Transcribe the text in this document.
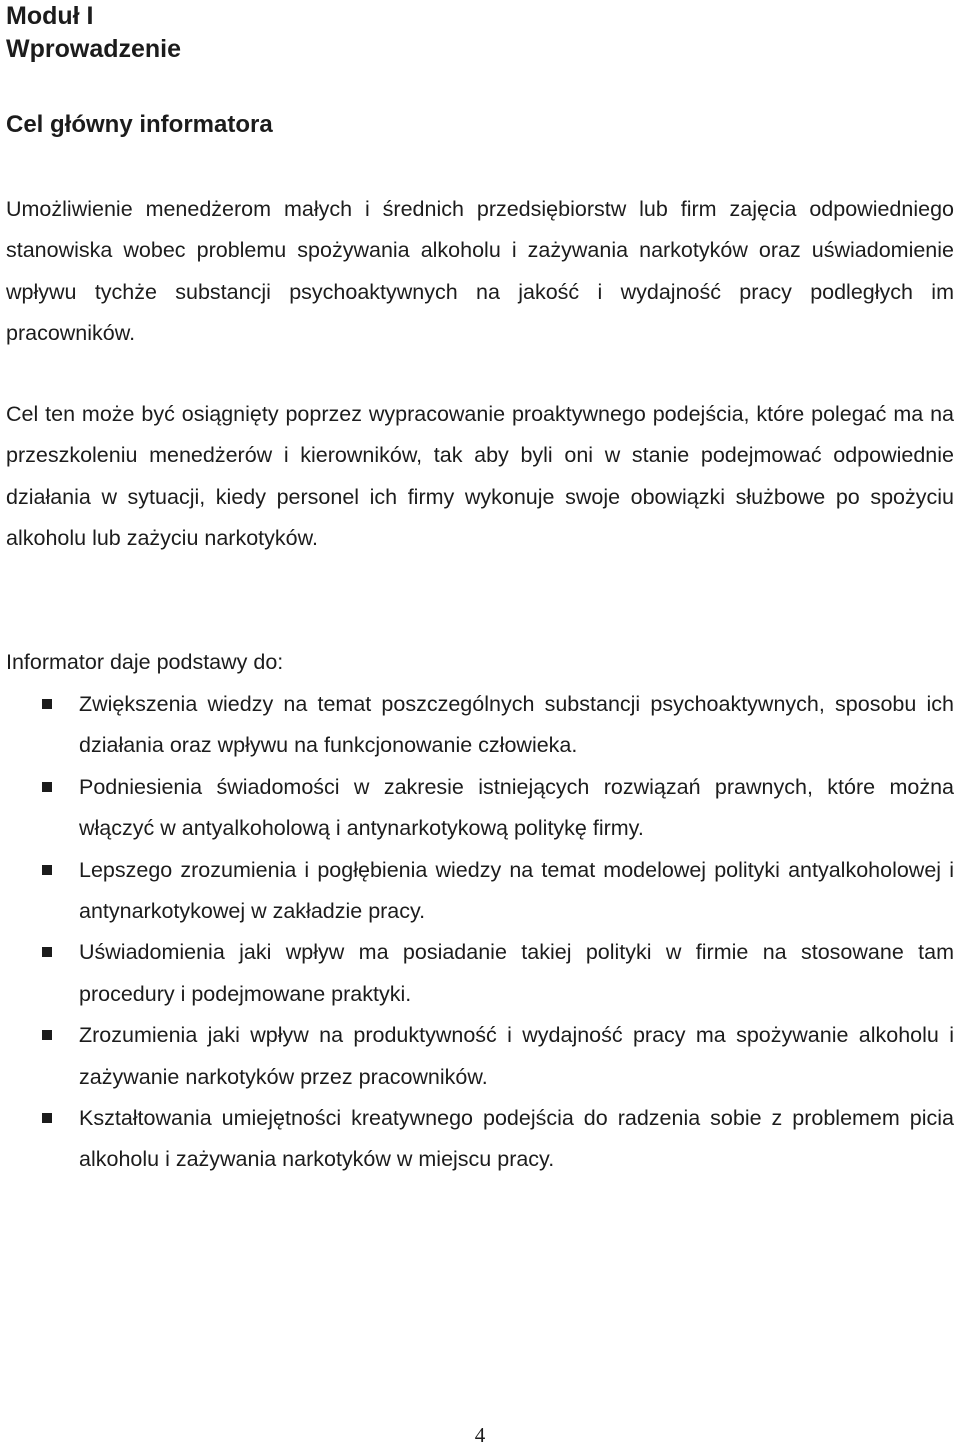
Moduł I
Wprowadzenie
Cel główny informatora

Umożliwienie menedżerom małych i średnich przedsiębiorstw lub firm zajęcia odpowiedniego stanowiska wobec problemu spożywania alkoholu i zażywania narkotyków oraz uświadomienie wpływu tychże substancji psychoaktywnych na jakość i wydajność pracy podległych im pracowników.

Cel ten może być osiągnięty poprzez wypracowanie proaktywnego podejścia, które polegać ma na przeszkoleniu menedżerów i kierowników, tak aby byli oni w stanie podejmować odpowiednie działania w sytuacji, kiedy personel ich firmy wykonuje swoje obowiązki służbowe po spożyciu alkoholu lub zażyciu narkotyków.

Informator daje podstawy do:

Zwiększenia wiedzy na temat poszczególnych substancji psychoaktywnych, sposobu ich działania oraz wpływu na funkcjonowanie człowieka.
Podniesienia świadomości w zakresie istniejących rozwiązań prawnych, które można włączyć w antyalkoholową i antynarkotykową politykę firmy.
Lepszego zrozumienia i pogłębienia wiedzy na temat modelowej polityki antyalkoholowej i antynarkotykowej w zakładzie pracy.
Uświadomienia jaki wpływ ma posiadanie takiej polityki w firmie na stosowane tam procedury i podejmowane praktyki.
Zrozumienia jaki wpływ na produktywność i wydajność pracy ma spożywanie alkoholu i zażywanie narkotyków przez pracowników.
Kształtowania umiejętności kreatywnego podejścia do radzenia sobie z problemem picia alkoholu i zażywania narkotyków w miejscu pracy.
4
